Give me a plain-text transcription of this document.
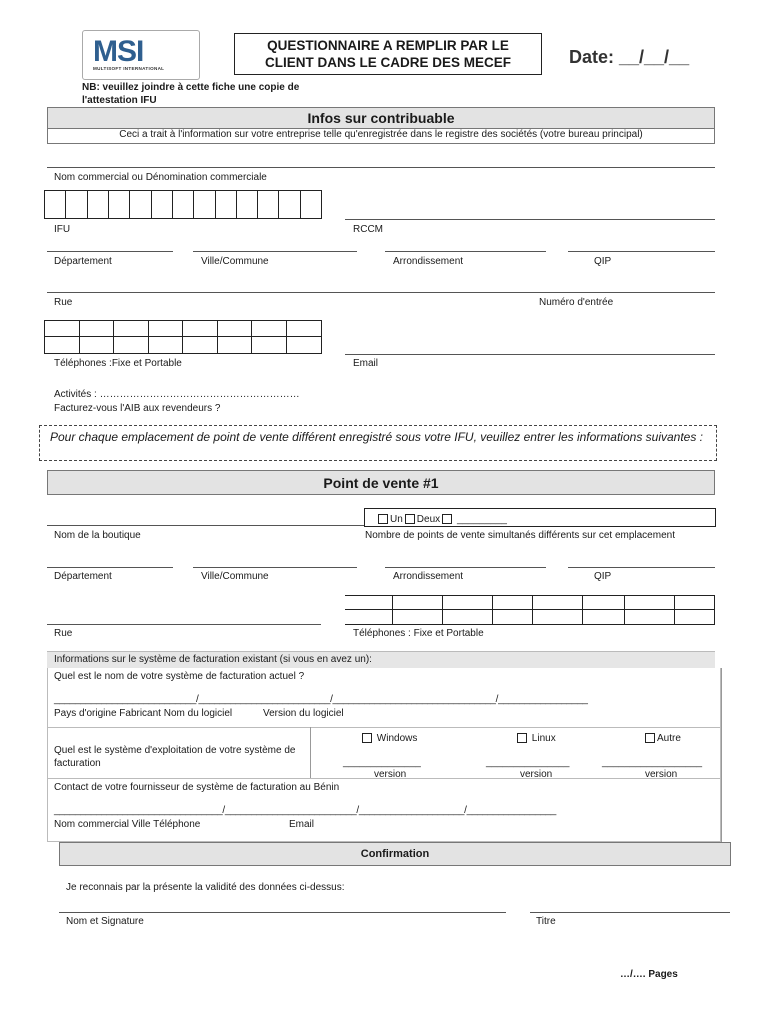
MSI
MULTISOFT INTERNATIONAL
QUESTIONNAIRE A REMPLIR PAR LE CLIENT DANS LE CADRE DES MECEF	Date: __/__/__
NB: veuillez joindre à cette fiche une copie de l'attestation IFU
Infos sur contribuable
Ceci a trait à l'information sur votre entreprise telle qu'enregistrée dans le registre des sociétés (votre bureau principal)
Nom commercial ou Dénomination commerciale
IFU	RCCM
Département	Ville/Commune	Arrondissement	QIP
Rue	Numéro d'entrée
Téléphones :Fixe et Portable	Email
Activités : ……………………………………………………
Facturez-vous l'AIB aux revendeurs ?
Pour chaque emplacement de point de vente différent enregistré sous votre IFU, veuillez entrer les informations suivantes :
Point de vente #1
Un Deux _________
Nom de la boutique	Nombre de points de vente simultanés différents sur cet emplacement
Département	Ville/Commune	Arrondissement	QIP
Rue	Téléphones : Fixe et Portable
Informations sur le système de facturation existant (si vous en avez un):
Quel est le nom de votre système de facturation actuel ?
___________________________/_________________________/_______________________________/_________________
Pays d'origine Fabricant Nom du logiciel	Version du logiciel
Quel est le système d'exploitation de votre système de facturation
Windows	Linux	Autre
______________	_______________	__________________
version	version	version
Contact de votre fournisseur de système de facturation au Bénin
________________________________/_________________________/____________________/_________________
Nom commercial Ville Téléphone	Email
Confirmation
Je reconnais par la présente la validité des données ci-dessus:
Nom et Signature	Titre
…/…. Pages
